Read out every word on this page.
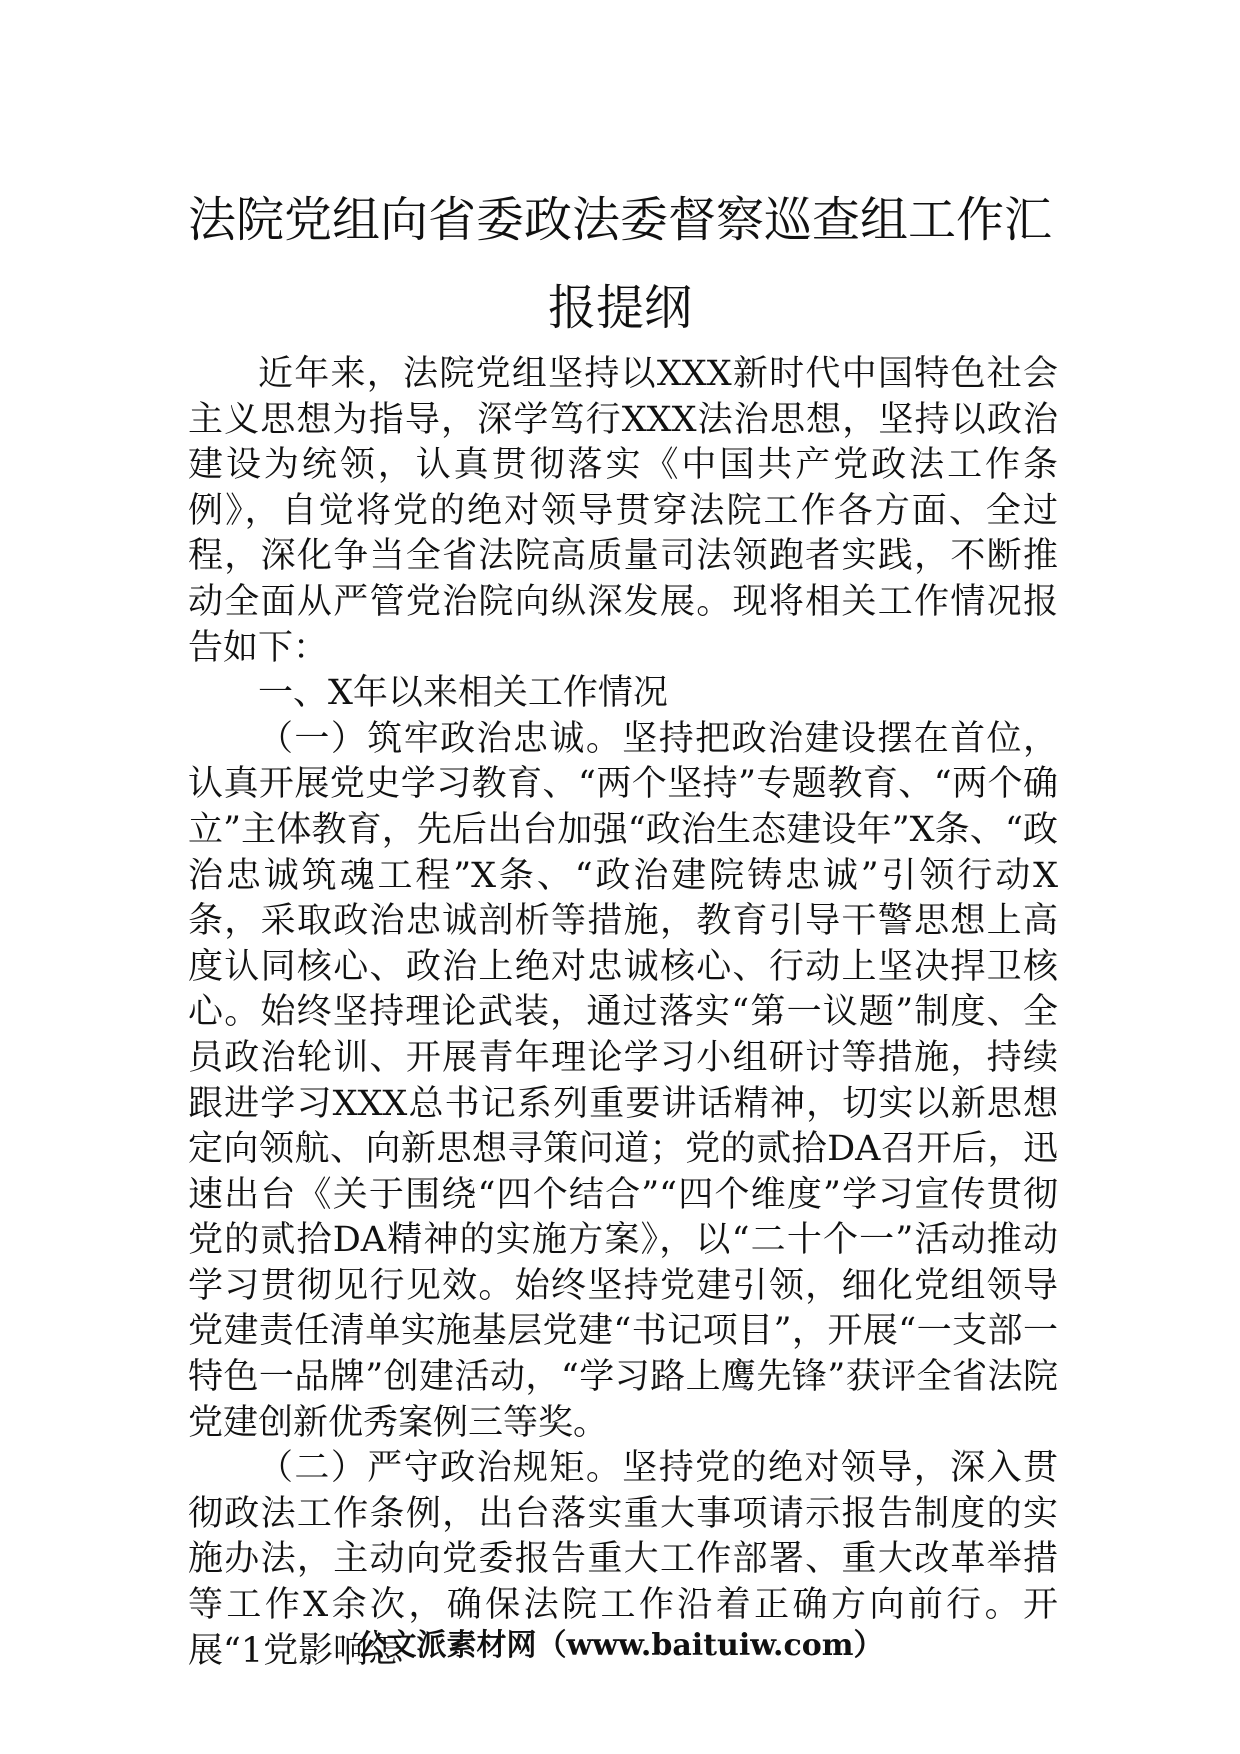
法院党组向省委政法委督察巡查组工作汇
报提纲

近年来，法院党组坚持以XXX新时代中国特色社会主义思想为指导，深学笃行XXX法治思想，坚持以政治建设为统领，认真贯彻落实《中国共产党政法工作条例》，自觉将党的绝对领导贯穿法院工作各方面、全过程，深化争当全省法院高质量司法领跑者实践，不断推动全面从严管党治院向纵深发展。现将相关工作情况报告如下：

一、X年以来相关工作情况

（一）筑牢政治忠诚。坚持把政治建设摆在首位，认真开展党史学习教育、“两个坚持”专题教育、“两个确立”主体教育，先后出台加强“政治生态建设年”X条、“政治忠诚筑魂工程”X条、“政治建院铸忠诚”引领行动X条，采取政治忠诚剖析等措施，教育引导干警思想上高度认同核心、政治上绝对忠诚核心、行动上坚决捍卫核心。始终坚持理论武装，通过落实“第一议题”制度、全员政治轮训、开展青年理论学习小组研讨等措施，持续跟进学习XXX总书记系列重要讲话精神，切实以新思想定向领航、向新思想寻策问道；党的贰拾DA召开后，迅速出台《关于围绕“四个结合”“四个维度”学习宣传贯彻党的贰拾DA精神的实施方案》，以“二十个一”活动推动学习贯彻见行见效。始终坚持党建引领，细化党组领导党建责任清单实施基层党建“书记项目”，开展“一支部一特色一品牌”创建活动，“学习路上鹰先锋”获评全省法院党建创新优秀案例三等奖。

（二）严守政治规矩。坚持党的绝对领导，深入贯彻政法工作条例，出台落实重大事项请示报告制度的实施办法，主动向党委报告重大工作部署、重大改革举措等工作X余次，确保法院工作沿着正确方向前行。开展“1党影响怎

公文派素材网（www.baituiw.com）
